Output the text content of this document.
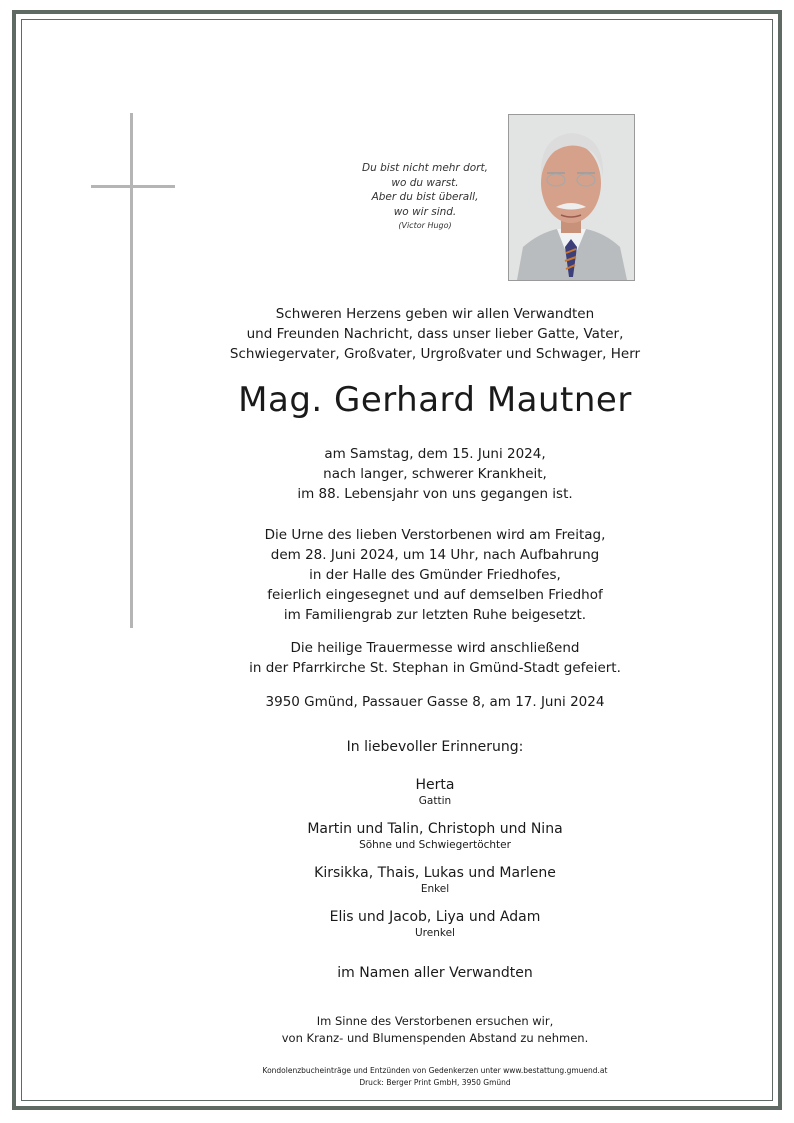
Du bist nicht mehr dort,
wo du warst.
Aber du bist überall,
wo wir sind.
(Victor Hugo)
Schweren Herzens geben wir allen Verwandten
und Freunden Nachricht, dass unser lieber Gatte, Vater,
Schwiegervater, Großvater, Urgroßvater und Schwager, Herr
Mag. Gerhard Mautner
am Samstag, dem 15. Juni 2024,
nach langer, schwerer Krankheit,
im 88. Lebensjahr von uns gegangen ist.
Die Urne des lieben Verstorbenen wird am Freitag,
dem 28. Juni 2024, um 14 Uhr, nach Aufbahrung
in der Halle des Gmünder Friedhofes,
feierlich eingesegnet und auf demselben Friedhof
im Familiengrab zur letzten Ruhe beigesetzt.
Die heilige Trauermesse wird anschließend
in der Pfarrkirche St. Stephan in Gmünd-Stadt gefeiert.
3950 Gmünd, Passauer Gasse 8, am 17. Juni 2024
In liebevoller Erinnerung:
Herta
Gattin
Martin und Talin, Christoph und Nina
Söhne und Schwiegertöchter
Kirsikka, Thais, Lukas und Marlene
Enkel
Elis und Jacob, Liya und Adam
Urenkel
im Namen aller Verwandten
Im Sinne des Verstorbenen ersuchen wir,
von Kranz- und Blumenspenden Abstand zu nehmen.
Kondolenzbucheinträge und Entzünden von Gedenkerzen unter www.bestattung.gmuend.at
Druck: Berger Print GmbH, 3950 Gmünd
